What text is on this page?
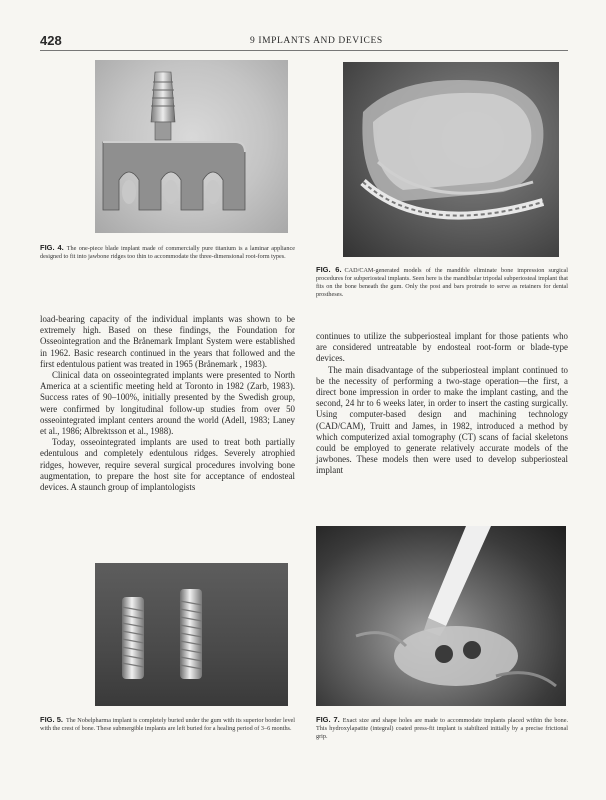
428	9 IMPLANTS AND DEVICES
FIG. 4. The one-piece blade implant made of commercially pure titanium is a laminar appliance designed to fit into jawbone ridges too thin to accommodate the three-dimensional root-form types.
FIG. 6. CAD/CAM-generated models of the mandible eliminate bone impression surgical procedures for subperiosteal implants. Seen here is the mandibular tripodal subperiosteal implant that fits on the bone beneath the gum. Only the post and bars protrude to serve as retainers for dental prostheses.
FIG. 5. The Nobelpharma implant is completely buried under the gum with its superior border level with the crest of bone. These submergible implants are left buried for a healing period of 3–6 months.
FIG. 7. Exact size and shape holes are made to accommodate implants placed within the bone. This hydroxylapatite (integral) coated press-fit implant is stabilized initially by a precise frictional grip.

load-bearing capacity of the individual implants was shown to be extremely high. Based on these findings, the Foundation for Osseointegration and the Brånemark Implant System were established in 1962. Basic research continued in the years that followed and the first edentulous patient was treated in 1965 (Brånemark , 1983).

Clinical data on osseointegrated implants were presented to North America at a scientific meeting held at Toronto in 1982 (Zarb, 1983). Success rates of 90–100%, initially presented by the Swedish group, were confirmed by longitudinal follow-up studies from over 50 osseointegrated implant centers around the world (Adell, 1983; Laney et al., 1986; Albrektsson et al., 1988).

Today, osseointegrated implants are used to treat both partially edentulous and completely edentulous ridges. Severely atrophied ridges, however, require several surgical procedures involving bone augmentation, to prepare the host site for acceptance of endosteal devices. A staunch group of implantologists

continues to utilize the subperiosteal implant for those patients who are considered untreatable by endosteal root-form or blade-type devices.

The main disadvantage of the subperiosteal implant continued to be the necessity of performing a two-stage operation—the first, a direct bone impression in order to make the implant casting, and the second, 24 hr to 6 weeks later, in order to insert the casting surgically. Using computer-based design and machining technology (CAD/CAM), Truitt and James, in 1982, introduced a method by which computerized axial tomography (CT) scans of facial skeletons could be employed to generate relatively accurate models of the jawbones. These models then were used to develop subperiosteal implant
